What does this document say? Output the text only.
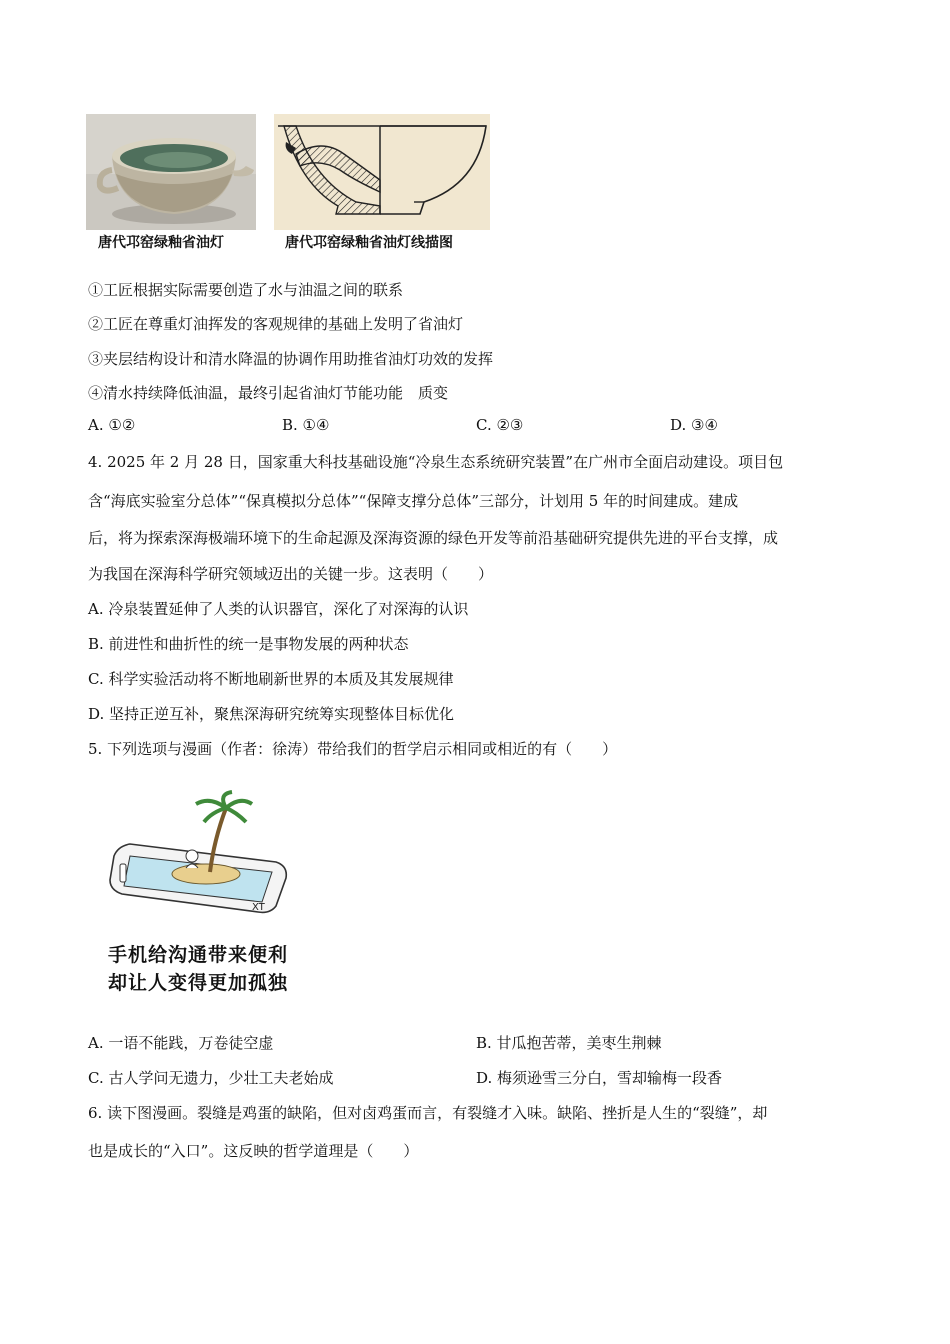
唐代邛窑绿釉省油灯	唐代邛窑绿釉省油灯线描图
①工匠根据实际需要创造了水与油温之间的联系
②工匠在尊重灯油挥发的客观规律的基础上发明了省油灯
③夹层结构设计和清水降温的协调作用助推省油灯功效的发挥
④清水持续降低油温，最终引起省油灯节能功能　质变
A. ①②	B. ①④	C. ②③	D. ③④
4. 2025 年 2 月 28 日，国家重大科技基础设施“冷泉生态系统研究装置”在广州市全面启动建设。项目包
含“海底实验室分总体”“保真模拟分总体”“保障支撑分总体”三部分，计划用 5 年的时间建成。建成
后，将为探索深海极端环境下的生命起源及深海资源的绿色开发等前沿基础研究提供先进的平台支撑，成
为我国在深海科学研究领域迈出的关键一步。这表明（　　）
A. 冷泉装置延伸了人类的认识器官，深化了对深海的认识
B. 前进性和曲折性的统一是事物发展的两种状态
C. 科学实验活动将不断地刷新世界的本质及其发展规律
D. 坚持正逆互补，聚焦深海研究统筹实现整体目标优化
5. 下列选项与漫画（作者：徐涛）带给我们的哲学启示相同或相近的有（　　）
XT
手机给沟通带来便利
却让人变得更加孤独
A. 一语不能践，万卷徒空虚	B. 甘瓜抱苦蒂，美枣生荆棘
C. 古人学问无遗力，少壮工夫老始成	D. 梅须逊雪三分白，雪却输梅一段香
6. 读下图漫画。裂缝是鸡蛋的缺陷，但对卤鸡蛋而言，有裂缝才入味。缺陷、挫折是人生的“裂缝”，却
也是成长的“入口”。这反映的哲学道理是（　　）
